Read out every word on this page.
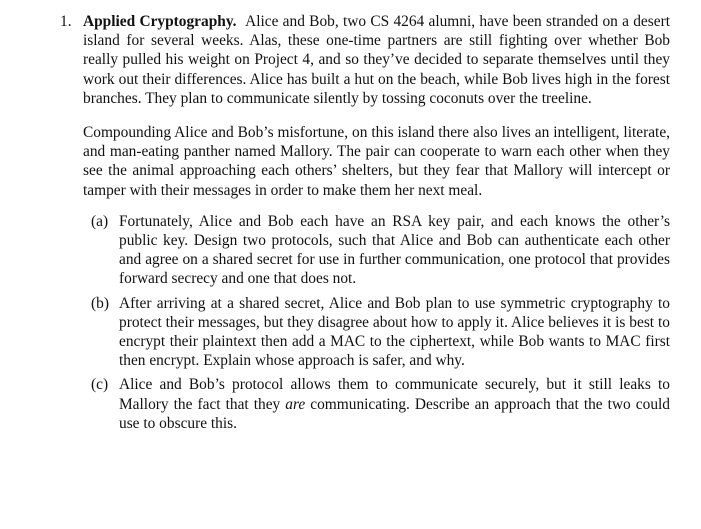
1. Applied Cryptography. Alice and Bob, two CS 4264 alumni, have been stranded on a desert island for several weeks. Alas, these one-time partners are still fighting over whether Bob really pulled his weight on Project 4, and so they’ve decided to separate themselves until they work out their differences. Alice has built a hut on the beach, while Bob lives high in the forest branches. They plan to communicate silently by tossing coconuts over the treeline.

Compounding Alice and Bob’s misfortune, on this island there also lives an intelligent, literate, and man-eating panther named Mallory. The pair can cooperate to warn each other when they see the animal approaching each others’ shelters, but they fear that Mallory will intercept or tamper with their messages in order to make them her next meal.

(a) Fortunately, Alice and Bob each have an RSA key pair, and each knows the other’s public key. Design two protocols, such that Alice and Bob can authenticate each other and agree on a shared secret for use in further communication, one protocol that provides forward secrecy and one that does not.
(b) After arriving at a shared secret, Alice and Bob plan to use symmetric cryptography to protect their messages, but they disagree about how to apply it. Alice believes it is best to encrypt their plaintext then add a MAC to the ciphertext, while Bob wants to MAC first then encrypt. Explain whose approach is safer, and why.
(c) Alice and Bob’s protocol allows them to communicate securely, but it still leaks to Mallory the fact that they are communicating. Describe an approach that the two could use to obscure this.
